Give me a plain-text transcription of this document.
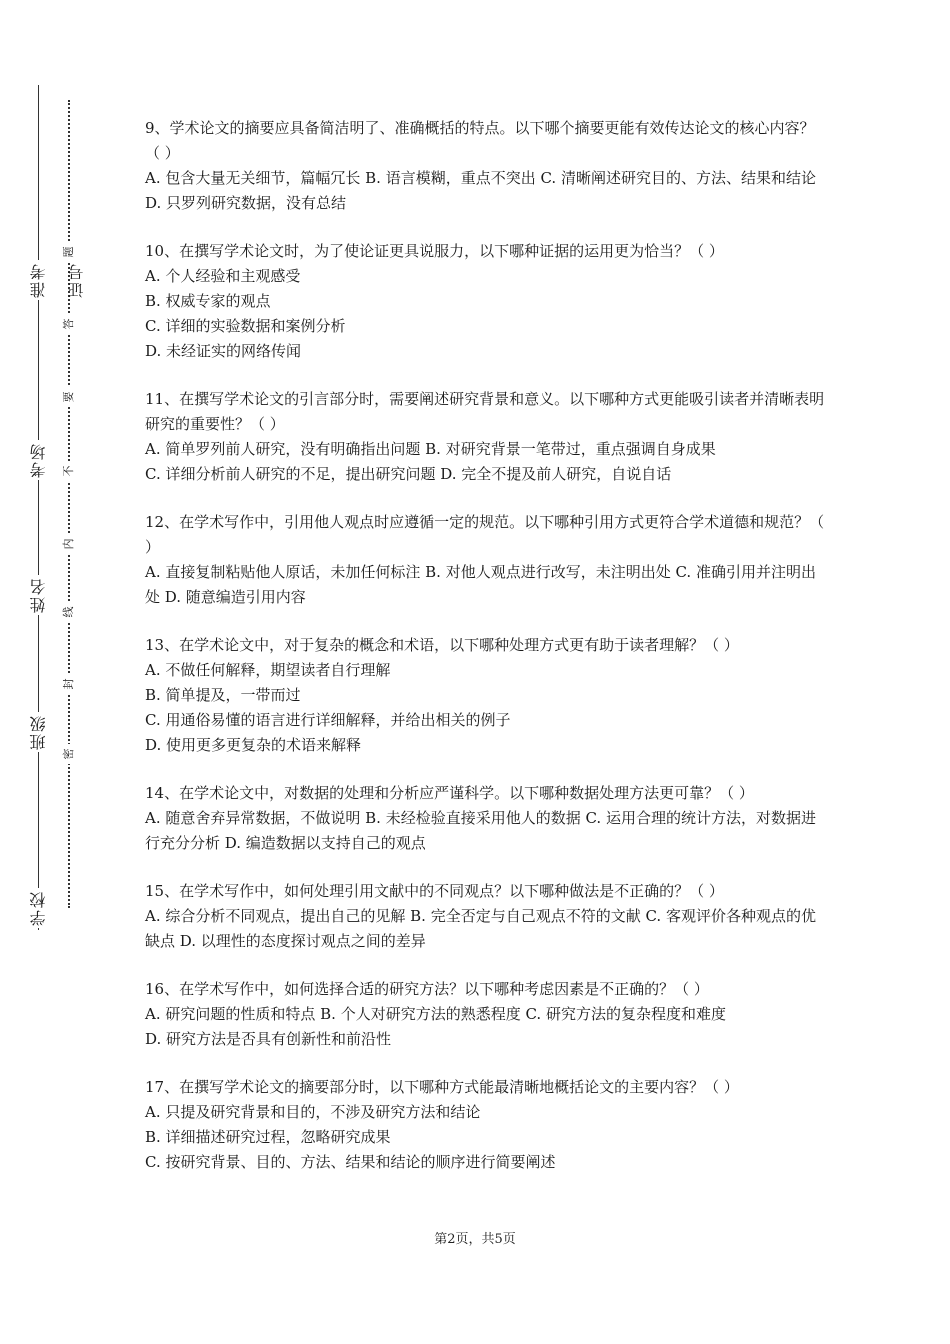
准考证号
考场
姓名
班级
学校
题
答
要
不
内
线
封
密

9、学术论文的摘要应具备简洁明了、准确概括的特点。以下哪个摘要更能有效传达论文的核心内容？（ ）

A. 包含大量无关细节，篇幅冗长 B. 语言模糊，重点不突出 C. 清晰阐述研究目的、方法、结果和结论 D. 只罗列研究数据，没有总结

10、在撰写学术论文时，为了使论证更具说服力，以下哪种证据的运用更为恰当？（ ）

A. 个人经验和主观感受
B. 权威专家的观点
C. 详细的实验数据和案例分析
D. 未经证实的网络传闻

11、在撰写学术论文的引言部分时，需要阐述研究背景和意义。以下哪种方式更能吸引读者并清晰表明研究的重要性？（ ）

A. 简单罗列前人研究，没有明确指出问题 B. 对研究背景一笔带过，重点强调自身成果
C. 详细分析前人研究的不足，提出研究问题 D. 完全不提及前人研究，自说自话

12、在学术写作中，引用他人观点时应遵循一定的规范。以下哪种引用方式更符合学术道德和规范？（ ）

A. 直接复制粘贴他人原话，未加任何标注 B. 对他人观点进行改写，未注明出处 C. 准确引用并注明出处 D. 随意编造引用内容

13、在学术论文中，对于复杂的概念和术语，以下哪种处理方式更有助于读者理解？（ ）

A. 不做任何解释，期望读者自行理解
B. 简单提及，一带而过
C. 用通俗易懂的语言进行详细解释，并给出相关的例子
D. 使用更多更复杂的术语来解释

14、在学术论文中，对数据的处理和分析应严谨科学。以下哪种数据处理方法更可靠？（ ）

A. 随意舍弃异常数据，不做说明 B. 未经检验直接采用他人的数据 C. 运用合理的统计方法，对数据进行充分分析 D. 编造数据以支持自己的观点

15、在学术写作中，如何处理引用文献中的不同观点？以下哪种做法是不正确的？（ ）

A. 综合分析不同观点，提出自己的见解 B. 完全否定与自己观点不符的文献 C. 客观评价各种观点的优缺点 D. 以理性的态度探讨观点之间的差异

16、在学术写作中，如何选择合适的研究方法？以下哪种考虑因素是不正确的？（ ）

A. 研究问题的性质和特点 B. 个人对研究方法的熟悉程度 C. 研究方法的复杂程度和难度
D. 研究方法是否具有创新性和前沿性

17、在撰写学术论文的摘要部分时，以下哪种方式能最清晰地概括论文的主要内容？（ ）

A. 只提及研究背景和目的，不涉及研究方法和结论
B. 详细描述研究过程，忽略研究成果
C. 按研究背景、目的、方法、结果和结论的顺序进行简要阐述
第2页，共5页
